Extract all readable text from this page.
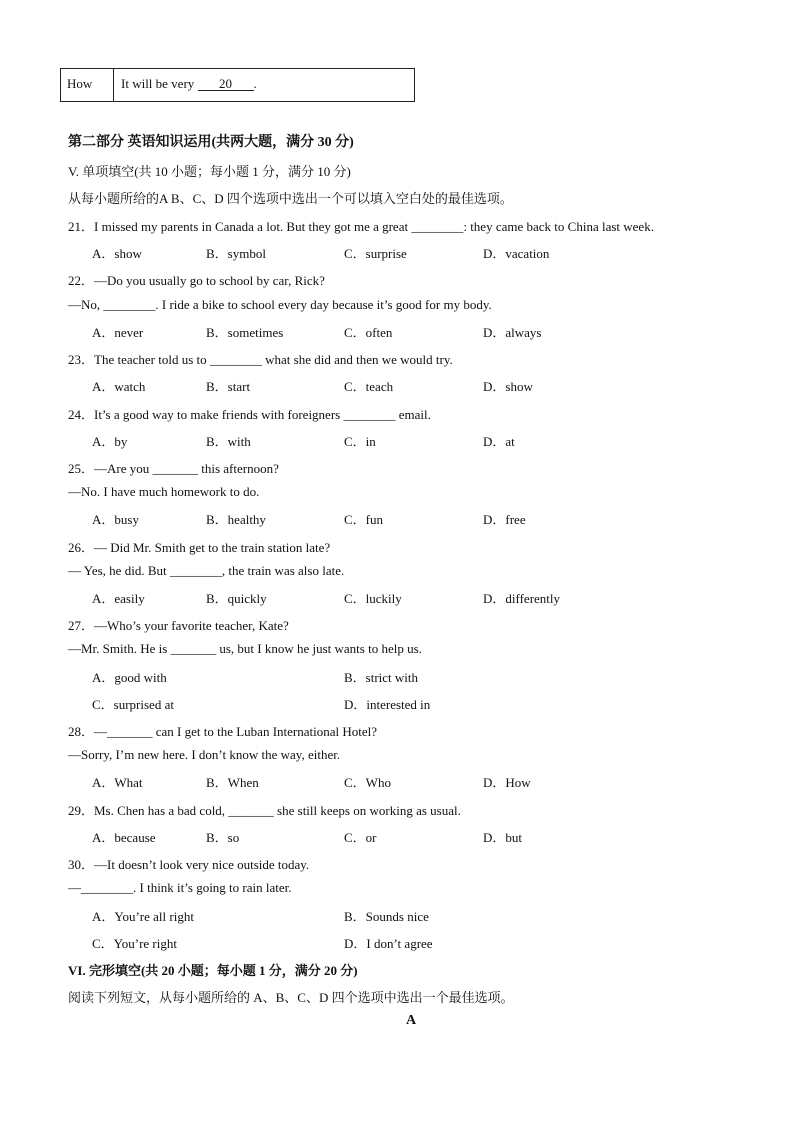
How It will be very 20 .
第二部分 英语知识运用(共两大题，满分 30 分)
V. 单项填空(共 10 小题；每小题 1 分，满分 10 分)
从每小题所给的A B、C、D 四个选项中选出一个可以填入空白处的最佳选项。
21．I missed my parents in Canada a lot. But they got me a great ________: they came back to China last week.
A．show	B．symbol	C．surprise	D．vacation
22．—Do you usually go to school by car, Rick?
—No, ________. I ride a bike to school every day because it’s good for my body.
A．never	B．sometimes	C．often	D．always
23．The teacher told us to ________ what she did and then we would try.
A．watch	B．start	C．teach	D．show
24．It’s a good way to make friends with foreigners ________ email.
A．by	B．with	C．in	D．at
25．—Are you _______ this afternoon?
—No. I have much homework to do.
A．busy	B．healthy	C．fun	D．free
26．— Did Mr. Smith get to the train station late?
— Yes, he did. But ________, the train was also late.
A．easily	B．quickly	C．luckily	D．differently
27．—Who’s your favorite teacher, Kate?
—Mr. Smith. He is _______ us, but I know he just wants to help us.
A．good with	B．strict with
C．surprised at	D．interested in
28．—_______ can I get to the Luban International Hotel?
—Sorry, I’m new here. I don’t know the way, either.
A．What	B．When	C．Who	D．How
29．Ms. Chen has a bad cold, _______ she still keeps on working as usual.
A．because	B．so	C．or	D．but
30．—It doesn’t look very nice outside today.
—________. I think it’s going to rain later.
A．You’re all right	B．Sounds nice
C．You’re right	D．I don’t agree
VI. 完形填空(共 20 小题；每小题 1 分，满分 20 分)
阅读下列短文，从每小题所给的 A、B、C、D 四个选项中选出一个最佳选项。
A
